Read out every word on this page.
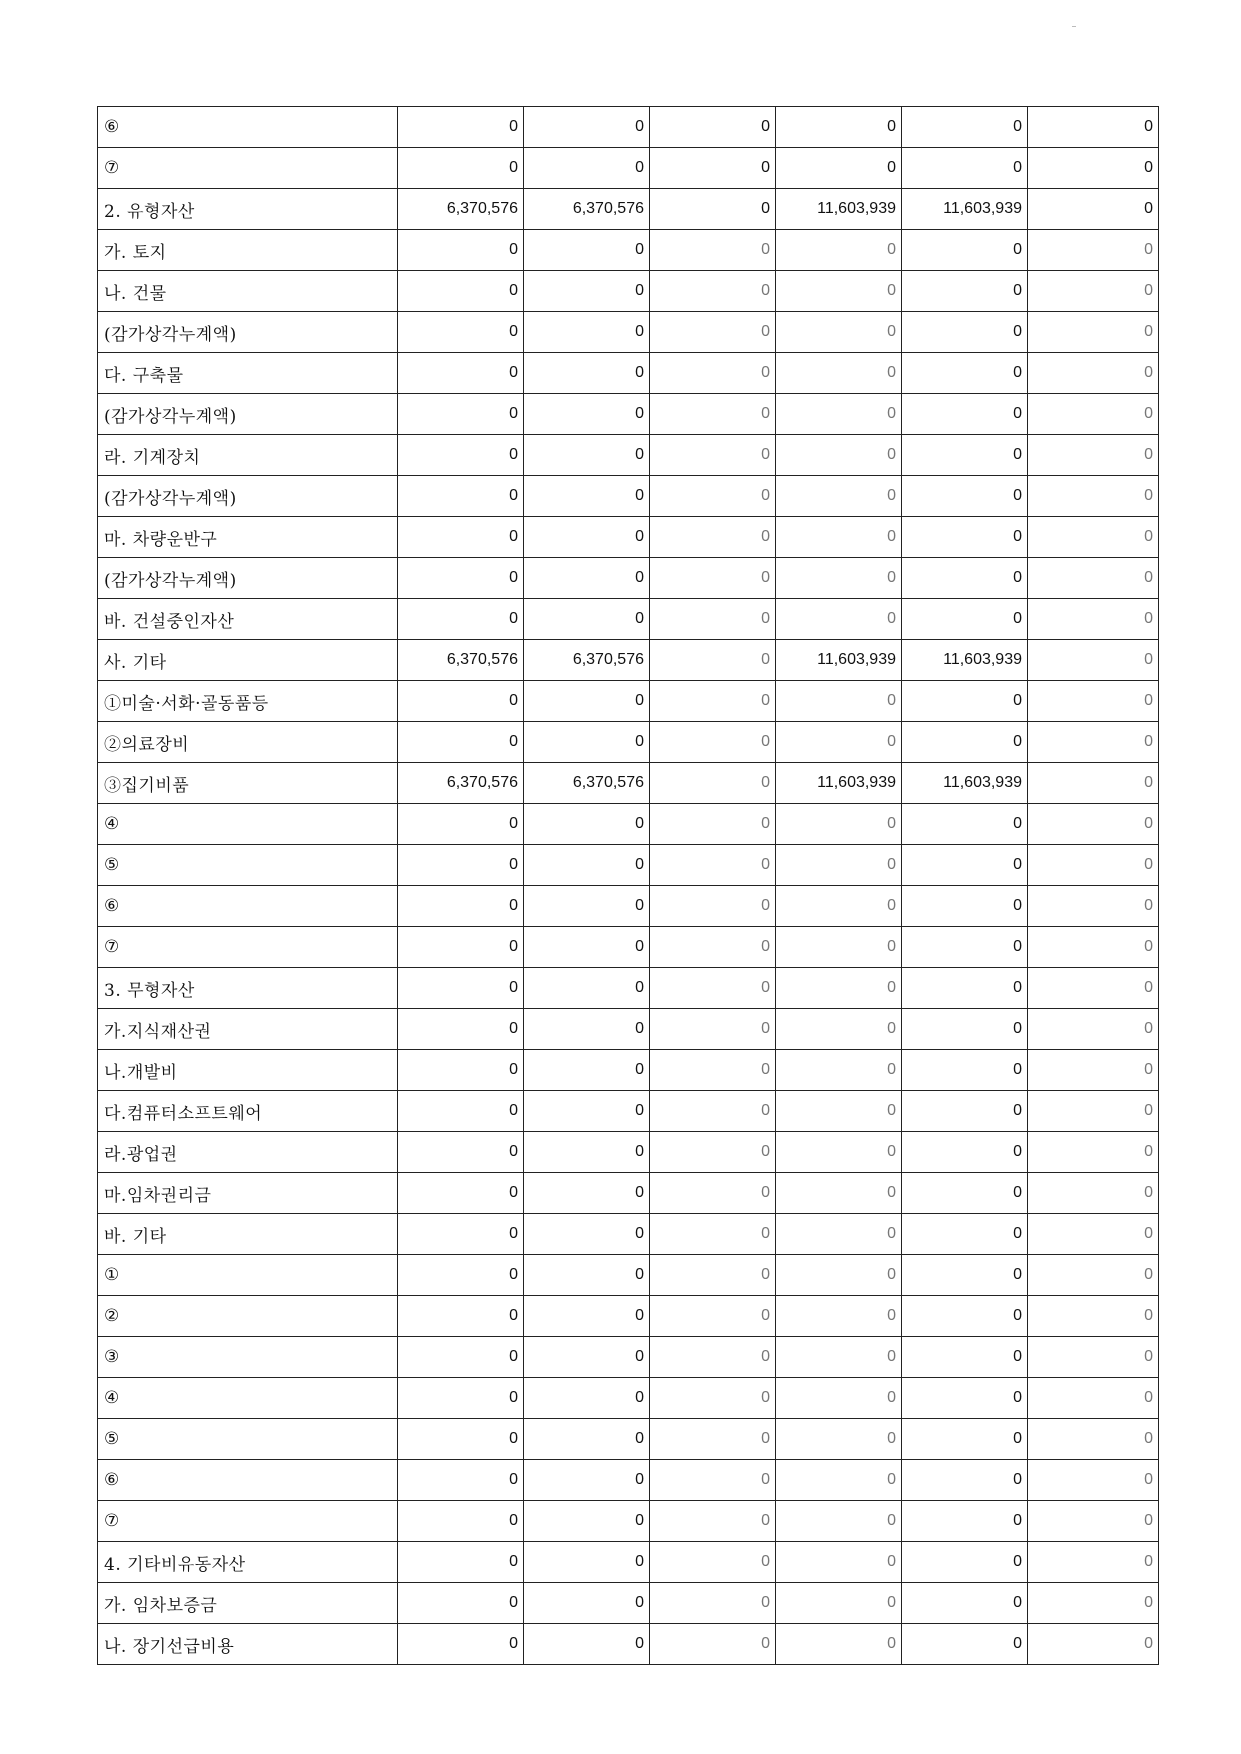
⑥	0	0	0	0	0	0
⑦	0	0	0	0	0	0
2. 유형자산	6,370,576	6,370,576	0	11,603,939	11,603,939	0
가. 토지	0	0	0	0	0	0
나. 건물	0	0	0	0	0	0
(감가상각누계액)	0	0	0	0	0	0
다. 구축물	0	0	0	0	0	0
(감가상각누계액)	0	0	0	0	0	0
라. 기계장치	0	0	0	0	0	0
(감가상각누계액)	0	0	0	0	0	0
마. 차량운반구	0	0	0	0	0	0
(감가상각누계액)	0	0	0	0	0	0
바. 건설중인자산	0	0	0	0	0	0
사. 기타	6,370,576	6,370,576	0	11,603,939	11,603,939	0
①미술·서화·골동품등	0	0	0	0	0	0
②의료장비	0	0	0	0	0	0
③집기비품	6,370,576	6,370,576	0	11,603,939	11,603,939	0
④	0	0	0	0	0	0
⑤	0	0	0	0	0	0
⑥	0	0	0	0	0	0
⑦	0	0	0	0	0	0
3. 무형자산	0	0	0	0	0	0
가.지식재산권	0	0	0	0	0	0
나.개발비	0	0	0	0	0	0
다.컴퓨터소프트웨어	0	0	0	0	0	0
라.광업권	0	0	0	0	0	0
마.임차권리금	0	0	0	0	0	0
바. 기타	0	0	0	0	0	0
①	0	0	0	0	0	0
②	0	0	0	0	0	0
③	0	0	0	0	0	0
④	0	0	0	0	0	0
⑤	0	0	0	0	0	0
⑥	0	0	0	0	0	0
⑦	0	0	0	0	0	0
4. 기타비유동자산	0	0	0	0	0	0
가. 임차보증금	0	0	0	0	0	0
나. 장기선급비용	0	0	0	0	0	0
